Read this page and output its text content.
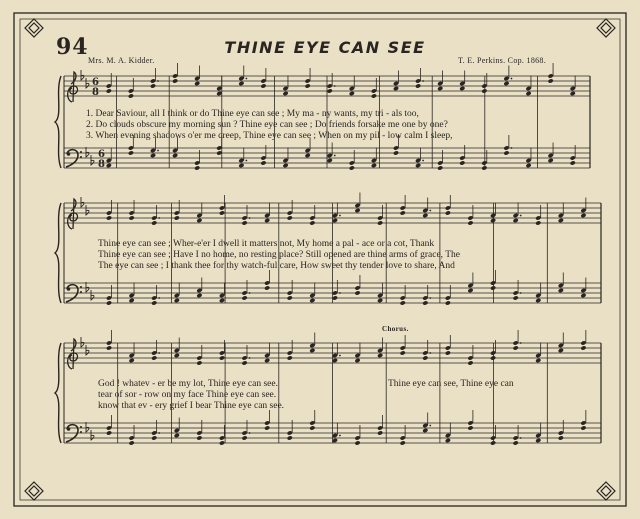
94	THINE EYE CAN SEE
Mrs. M. A. Kidder.	T. E. Perkins. Cop. 1868.
6
8
6
8
1. Dear Saviour, all I think or do Thine eye can see ; My ma - ny wants, my tri - als too,
2. Do clouds obscure my morning sun ? Thine eye can see ; Do friends forsake me one by one?
3. When evening shadows o'er me creep, Thine eye can see ; When on my pil - low calm I sleep,
Thine eye can see ; Wher-e'er I dwell it matters not, My home a pal - ace or a cot, Thank
Thine eye can see ; Have I no home, no resting place? Still opened are thine arms of grace, The
The eye can see ; I thank thee for thy watch-ful care, How sweet thy tender love to share, And
Chorus.
God ! whatev - er be my lot, Thine eye can see.
tear of sor - row on my face Thine eye can see.
know that ev - ery grief I bear Thine eye can see.
Thine eye can see, Thine eye can
